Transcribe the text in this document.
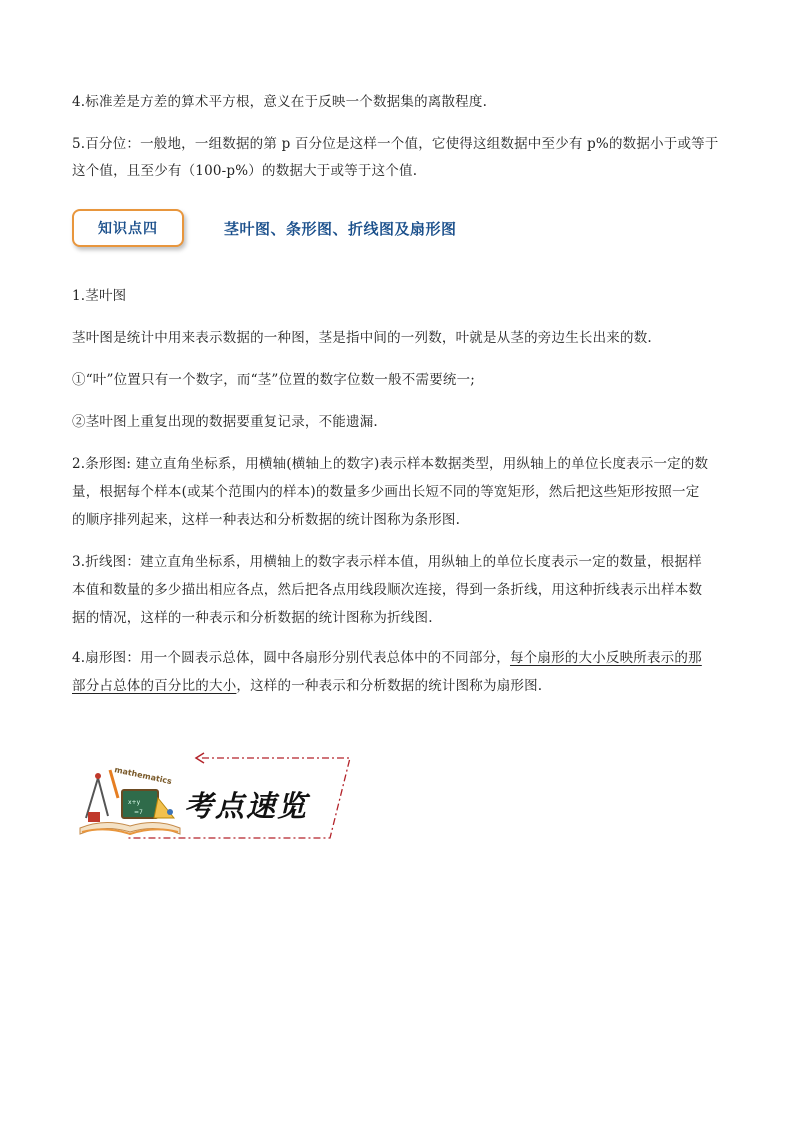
4.标准差是方差的算术平方根，意义在于反映一个数据集的离散程度.

5.百分位：一般地，一组数据的第 p 百分位是这样一个值，它使得这组数据中至少有 p%的数据小于或等于

这个值，且至少有（100-p%）的数据大于或等于这个值.

知识点四	茎叶图、条形图、折线图及扇形图

1.茎叶图

茎叶图是统计中用来表示数据的一种图，茎是指中间的一列数，叶就是从茎的旁边生长出来的数.

①“叶”位置只有一个数字，而“茎”位置的数字位数一般不需要统一;

②茎叶图上重复出现的数据要重复记录，不能遗漏.

2.条形图: 建立直角坐标系，用横轴(横轴上的数字)表示样本数据类型，用纵轴上的单位长度表示一定的数

量，根据每个样本(或某个范围内的样本)的数量多少画出长短不同的等宽矩形，然后把这些矩形按照一定

的顺序排列起来，这样一种表达和分析数据的统计图称为条形图.

3.折线图：建立直角坐标系，用横轴上的数字表示样本值，用纵轴上的单位长度表示一定的数量，根据样

本值和数量的多少描出相应各点，然后把各点用线段顺次连接，得到一条折线，用这种折线表示出样本数

据的情况，这样的一种表示和分析数据的统计图称为折线图.

4.扇形图：用一个圆表示总体，圆中各扇形分别代表总体中的不同部分，每个扇形的大小反映所表示的那

部分占总体的百分比的大小，这样的一种表示和分析数据的统计图称为扇形图.

x+y
=7
mathematics
考点速览
